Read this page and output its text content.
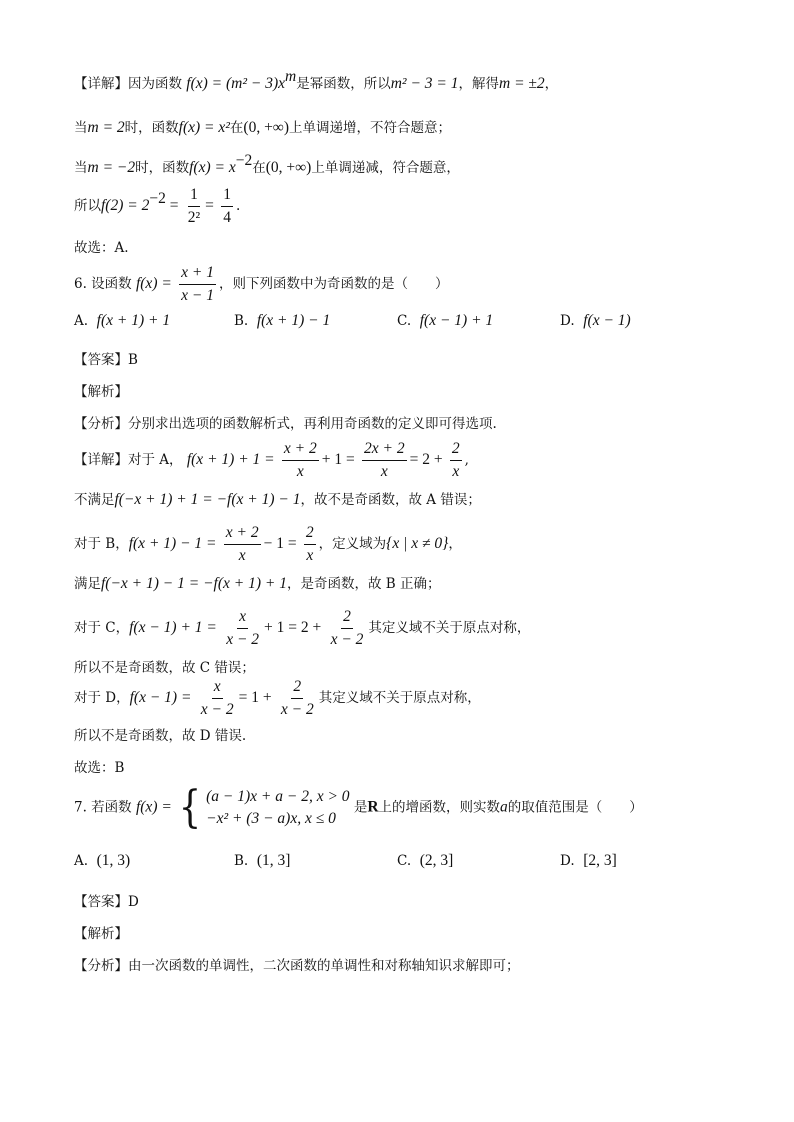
【详解】因为函数 $f(x) = (m^2 - 3)x^m$是幂函数，所以m² − 3 = 1，解得m = ±2，
当m = 2时，函数f(x) = x²在(0, +∞)上单调递增，不符合题意；
当m = −2时，函数$f(x) = x^{-2}$在(0, +∞)上单调递减，符合题意，
所以$f(2) = 2^{-2} = \frac{1}{\text{2²}} = \frac{1}{4}$ .
故选：A.
6. 设函数 $f(x) = \frac{x + 1}{x - 1}$ ，则下列函数中为奇函数的是（　　）
A. f(x + 1) + 1	B. f(x + 1) − 1	C. f(x − 1) + 1	D. f(x − 1)
【答案】B
【解析】
【分析】分别求出选项的函数解析式，再利用奇函数的定义即可得选项.
【详解】对于 A， $f(x + 1) + 1 = \frac{x + 2}{x} + 1 = \frac{2x + 2}{x} = 2 + \frac{2}{x}$ ,
不满足f(−x + 1) + 1 = −f(x + 1) − 1，故不是奇函数，故 A 错误；
对于 B，$f(x + 1) - 1 = \frac{x + 2}{x} - 1 = \frac{2}{x}$ ，定义域为{x | x ≠ 0}，
满足f(−x + 1) − 1 = −f(x + 1) + 1，是奇函数，故 B 正确；
对于 C，$f(x - 1) + 1 = \frac{x}{x - 2} + 1 = 2 + \frac{2}{x - 2}$ 其定义域不关于原点对称，
所以不是奇函数，故 C 错误；
对于 D，$f(x - 1) = \frac{x}{x - 2} = 1 + \frac{2}{x - 2}$ 其定义域不关于原点对称，
所以不是奇函数，故 D 错误.
故选：B
7. 若函数 f(x) = { (a − 1)x + a − 2, x > 0
−x² + (3 − a)x, x ≤ 0
是R上的增函数，则实数a的取值范围是（　　）
A. (1, 3)	B. (1, 3]	C. (2, 3]	D. [2, 3]
【答案】D
【解析】
【分析】由一次函数的单调性，二次函数的单调性和对称轴知识求解即可；
